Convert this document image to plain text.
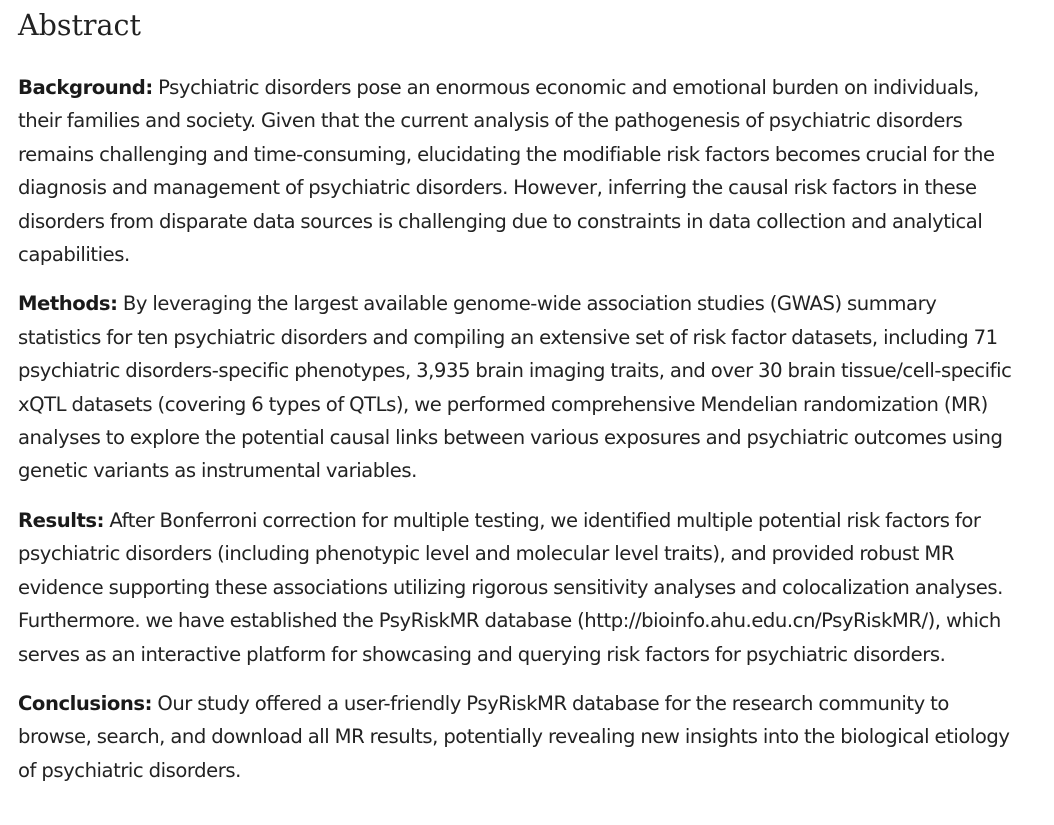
Abstract

Background: Psychiatric disorders pose an enormous economic and emotional burden on individuals, their families and society. Given that the current analysis of the pathogenesis of psychiatric disorders remains challenging and time-consuming, elucidating the modifiable risk factors becomes crucial for the diagnosis and management of psychiatric disorders. However, inferring the causal risk factors in these disorders from disparate data sources is challenging due to constraints in data collection and analytical capabilities.

Methods: By leveraging the largest available genome-wide association studies (GWAS) summary statistics for ten psychiatric disorders and compiling an extensive set of risk factor datasets, including 71 psychiatric disorders-specific phenotypes, 3,935 brain imaging traits, and over 30 brain tissue/cell-specific xQTL datasets (covering 6 types of QTLs), we performed comprehensive Mendelian randomization (MR) analyses to explore the potential causal links between various exposures and psychiatric outcomes using genetic variants as instrumental variables.

Results: After Bonferroni correction for multiple testing, we identified multiple potential risk factors for psychiatric disorders (including phenotypic level and molecular level traits), and provided robust MR evidence supporting these associations utilizing rigorous sensitivity analyses and colocalization analyses. Furthermore. we have established the PsyRiskMR database (http://bioinfo.ahu.edu.cn/PsyRiskMR/), which serves as an interactive platform for showcasing and querying risk factors for psychiatric disorders.

Conclusions: Our study offered a user-friendly PsyRiskMR database for the research community to browse, search, and download all MR results, potentially revealing new insights into the biological etiology of psychiatric disorders.
